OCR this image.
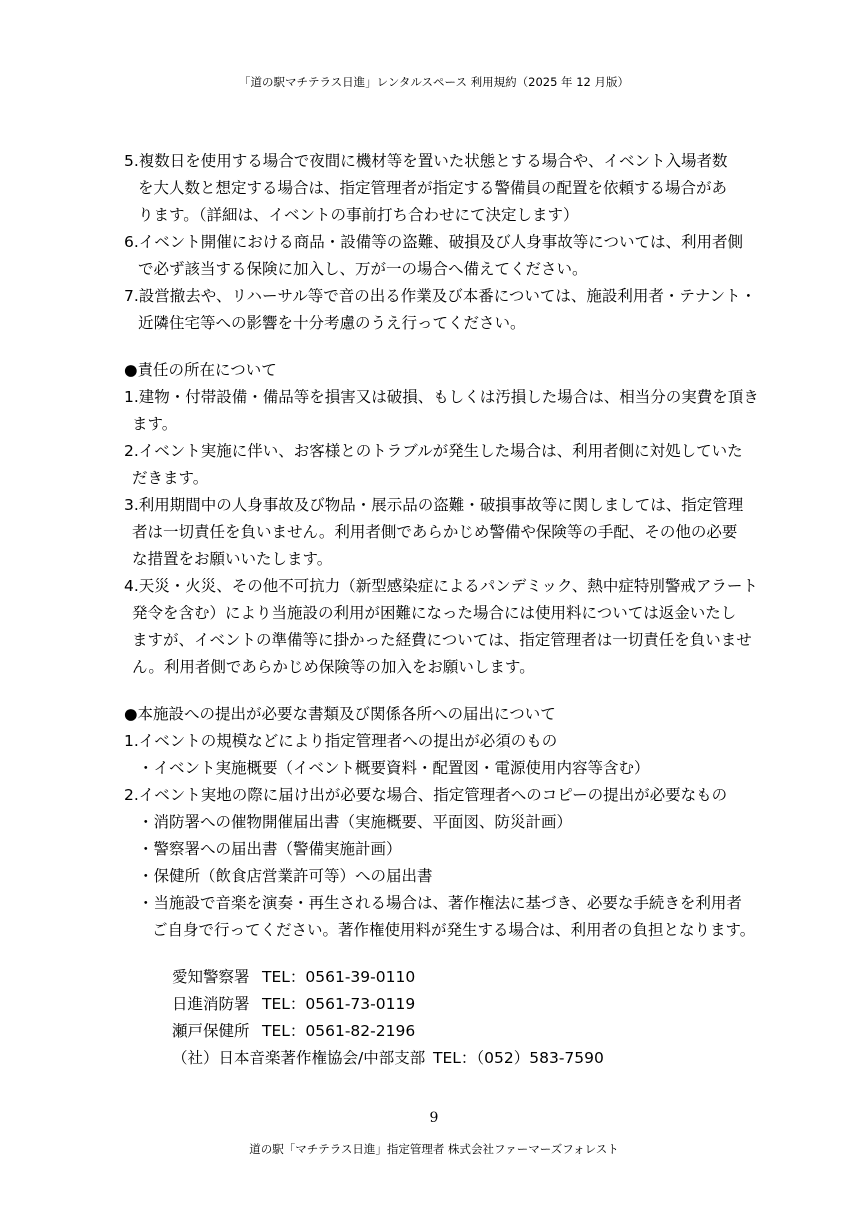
「道の駅マチテラス日進」レンタルスペース 利用規約（2025 年 12 月版）
5.複数日を使用する場合で夜間に機材等を置いた状態とする場合や、イベント入場者数
を大人数と想定する場合は、指定管理者が指定する警備員の配置を依頼する場合があ
ります。（詳細は、イベントの事前打ち合わせにて決定します）
6.イベント開催における商品・設備等の盗難、破損及び人身事故等については、利用者側
で必ず該当する保険に加入し、万が一の場合へ備えてください。
7.設営撤去や、リハーサル等で音の出る作業及び本番については、施設利用者・テナント・
近隣住宅等への影響を十分考慮のうえ行ってください。
●責任の所在について
1.建物・付帯設備・備品等を損害又は破損、もしくは汚損した場合は、相当分の実費を頂き
ます。
2.イベント実施に伴い、お客様とのトラブルが発生した場合は、利用者側に対処していた
だきます。
3.利用期間中の人身事故及び物品・展示品の盗難・破損事故等に関しましては、指定管理
者は一切責任を負いません。利用者側であらかじめ警備や保険等の手配、その他の必要
な措置をお願いいたします。
4.天災・火災、その他不可抗力（新型感染症によるパンデミック、熱中症特別警戒アラート
発令を含む）により当施設の利用が困難になった場合には使用料については返金いたし
ますが、イベントの準備等に掛かった経費については、指定管理者は一切責任を負いませ
ん。利用者側であらかじめ保険等の加入をお願いします。
●本施設への提出が必要な書類及び関係各所への届出について
1.イベントの規模などにより指定管理者への提出が必須のもの
・イベント実施概要（イベント概要資料・配置図・電源使用内容等含む）
2.イベント実地の際に届け出が必要な場合、指定管理者へのコピーの提出が必要なもの
・消防署への催物開催届出書（実施概要、平面図、防災計画）
・警察署への届出書（警備実施計画）
・保健所（飲食店営業許可等）への届出書
・当施設で音楽を演奏・再生される場合は、著作権法に基づき、必要な手続きを利用者
ご自身で行ってください。著作権使用料が発生する場合は、利用者の負担となります。
愛知警察署 TEL：0561-39-0110
日進消防署 TEL：0561-73-0119
瀬戸保健所 TEL：0561-82-2196
（社）日本音楽著作権協会/中部支部 TEL：（052）583-7590
9
道の駅「マチテラス日進」指定管理者 株式会社ファーマーズフォレスト
